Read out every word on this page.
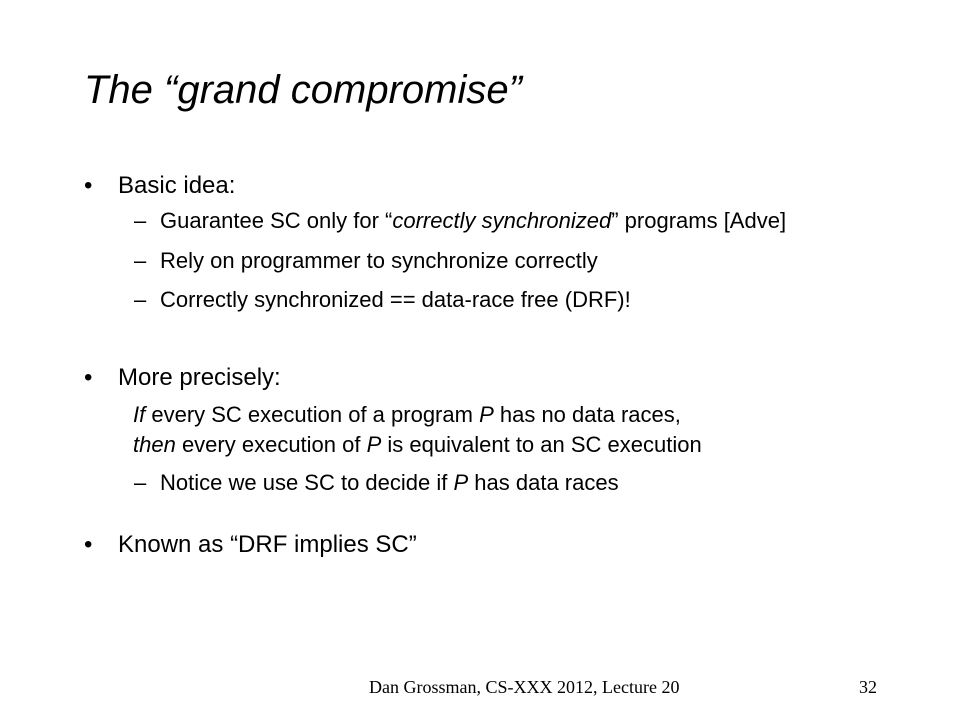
The “grand compromise”
• Basic idea:
– Guarantee SC only for “correctly synchronized” programs [Adve]
– Rely on programmer to synchronize correctly
– Correctly synchronized == data-race free (DRF)!
• More precisely:
If every SC execution of a program P has no data races,
then every execution of P is equivalent to an SC execution
– Notice we use SC to decide if P has data races
• Known as “DRF implies SC”
Dan Grossman, CS-XXX 2012, Lecture 20	32
